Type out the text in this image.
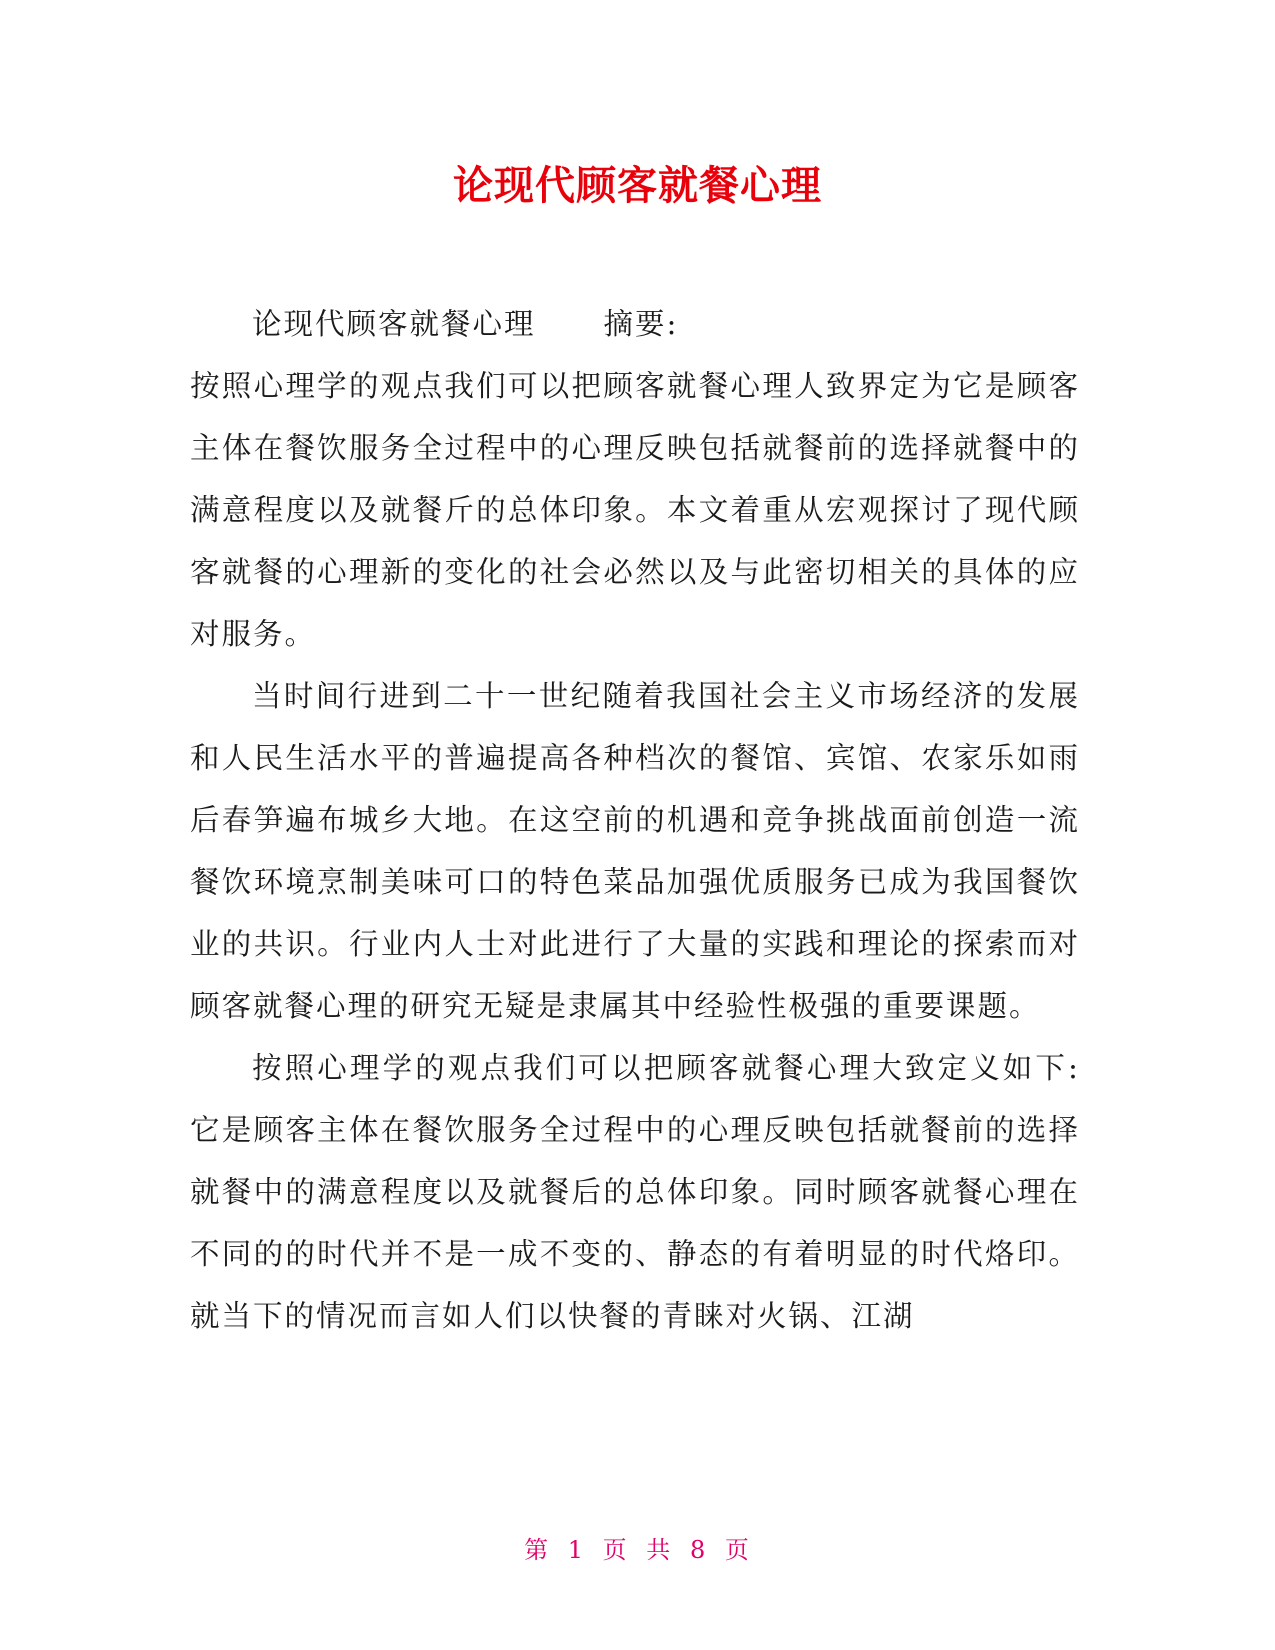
论现代顾客就餐心理

论现代顾客就餐心理 摘要:

按照心理学的观点我们可以把顾客就餐心理人致界定为它是顾客主体在餐饮服务全过程中的心理反映包括就餐前的选择就餐中的满意程度以及就餐斤的总体印象。本文着重从宏观探讨了现代顾客就餐的心理新的变化的社会必然以及与此密切相关的具体的应对服务。

当时间行进到二十一世纪随着我国社会主义市场经济的发展和人民生活水平的普遍提高各种档次的餐馆、宾馆、农家乐如雨后春笋遍布城乡大地。在这空前的机遇和竞争挑战面前创造一流餐饮环境烹制美味可口的特色菜品加强优质服务已成为我国餐饮业的共识。行业内人士对此进行了大量的实践和理论的探索而对顾客就餐心理的研究无疑是隶属其中经验性极强的重要课题。

按照心理学的观点我们可以把顾客就餐心理大致定义如下:它是顾客主体在餐饮服务全过程中的心理反映包括就餐前的选择就餐中的满意程度以及就餐后的总体印象。同时顾客就餐心理在不同的的时代并不是一成不变的、静态的有着明显的时代烙印。就当下的情况而言如人们以快餐的青睐对火锅、江湖

第 1 页 共 8 页
